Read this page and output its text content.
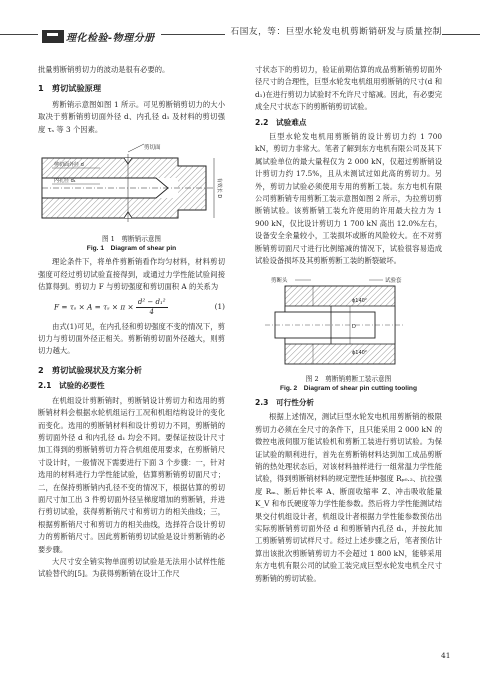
理化检验-物理分册
石国友，等：巨型水轮发电机剪断销研发与质量控制

批量剪断销剪切力的波动是很有必要的。

1　剪切试验原理

剪断销示意图如图 1 所示。可见剪断销剪切力的大小取决于剪断销剪切面外径 d、内孔径 d₁ 及材料的剪切强度 τₛ 等 3 个因素。

剪切面
剪切面外径 d
内孔径 d₁	有效长 D
图 1　剪断销示意图
Fig. 1　Diagram of shear pin

理论条件下，将单件剪断销看作均匀材料，材料剪切强度可经过剪切试验直接得到，或通过力学性能试验间接估算得到。剪切力 F 与剪切强度和剪切面积 A 的关系为

$F = \tau_s \times A = \tau_s \times \pi \times \frac{\text{d² − d₁²}}{4}$	(1)

由式(1)可见，在内孔径和剪切强度不变的情况下，剪切力与剪切面外径正相关。剪断销剪切面外径越大，则剪切力越大。

2　剪切试验现状及方案分析
2.1　试验的必要性

在机组设计剪断销时，剪断销设计剪切力和选用的剪断销材料会根据水轮机组运行工况和机组结构设计的变化而变化。选用的剪断销材料和设计剪切力不同，剪断销的剪切面外径 d 和内孔径 d₁ 均会不同。要保证按设计尺寸加工得到的剪断销剪切力符合机组使用要求，在剪断销尺寸设计时，一般情况下需要进行下面 3 个步骤：一，针对选用的材料进行力学性能试验，估算剪断销剪切面尺寸；二，在保持剪断销内孔径不变的情况下，根据估算的剪切面尺寸加工出 3 件剪切面外径呈梯度增加的剪断销，并进行剪切试验，获得剪断销尺寸和剪切力的相关曲线；三，根据剪断销尺寸和剪切力的相关曲线，选择符合设计剪切力的剪断销尺寸。因此剪断销剪切试验是设计剪断销的必要步骤。

大尺寸安全销实物单面剪切试验是无法用小试样性能试验替代的[5]。为获得剪断销在设计工作尺

寸状态下的剪切力，验证前期估算的成品剪断销剪切面外径尺寸的合理性，巨型水轮发电机组用剪断销的尺寸(d 和 d₁)在进行剪切力试验时不允许尺寸缩减。因此，有必要完成全尺寸状态下的剪断销剪切试验。

2.2　试验难点

巨型水轮发电机用剪断销的设计剪切力约 1 700 kN，剪切力非常大。笔者了解到东方电机有限公司及其下属试验单位的最大量程仅为 2 000 kN，仅超过剪断销设计剪切力约 17.5%，且从未测试过如此高的剪切力。另外，剪切力试验必须使用专用的剪断工装。东方电机有限公司剪断销专用剪断工装示意图如图 2 所示，为拉剪切剪断销试验。该剪断销工装允许使用的许用最大拉力为 1 900 kN，仅比设计剪切力 1 700 kN 高出 12.0%左右，设备安全余量较小，工装损坏或断的风险较大。在不对剪断销剪切面尺寸进行比例缩减的情况下，试验很容易造成试验设备损坏及其剪断剪断工装的断裂破坏。

剪断头	试验套
ϕ140²
D
ϕ140²
图 2　剪断销剪断工装示意图
Fig. 2　Diagram of shear pin cutting tooling
2.3　可行性分析

根据上述情况，测试巨型水轮发电机用剪断销的极限剪切力必须在全尺寸的条件下，且只能采用 2 000 kN 的微控电液伺服万能试验机和剪断工装进行剪切试验。为保证试验的顺利进行，首先在剪断销材料达到加工成品剪断销的热处理状态后，对该材料抽样进行一组常温力学性能试验，得到剪断销材料的规定塑性延伸强度 Rₚ₀.₂、抗拉强度 Rₘ、断后伸长率 A、断面收缩率 Z、冲击吸收能量 K_V 和布氏硬度等力学性能参数。然后将力学性能测试结果交付机组设计者，机组设计者根据力学性能参数预估出实际剪断销剪切面外径 d 和剪断销内孔径 d₁，并按此加工剪断销剪切试样尺寸。经过上述步骤之后，笔者预估计算出该批次剪断销剪切力不会超过 1 800 kN，能够采用东方电机有限公司的试验工装完成巨型水轮发电机全尺寸剪断销的剪切试验。

41
